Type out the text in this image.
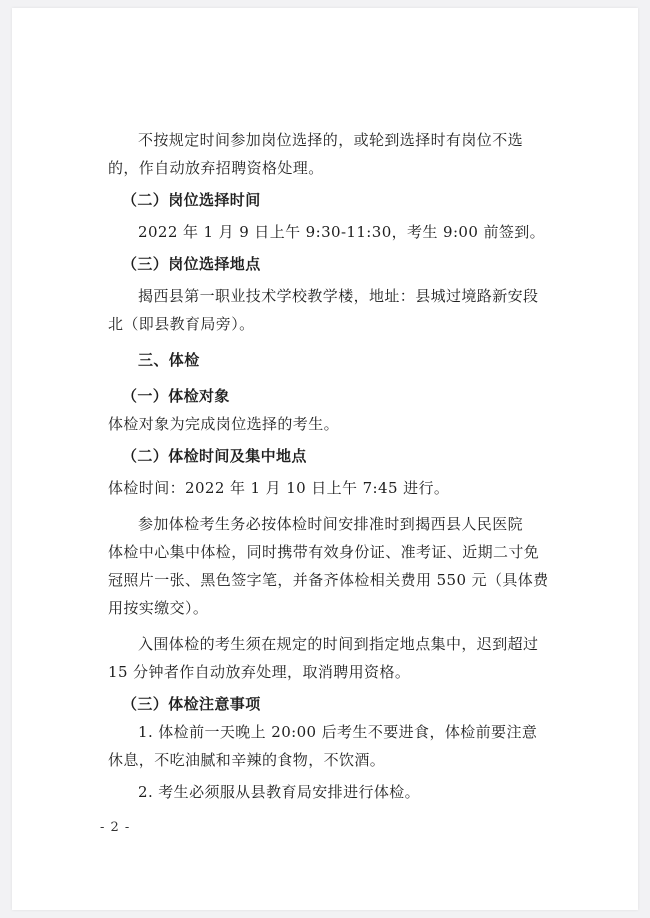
不按规定时间参加岗位选择的，或轮到选择时有岗位不选
的，作自动放弃招聘资格处理。
（二）岗位选择时间
2022 年 1 月 9 日上午 9:30-11:30，考生 9:00 前签到。
（三）岗位选择地点
揭西县第一职业技术学校教学楼，地址：县城过境路新安段
北（即县教育局旁）。
三、体检
（一）体检对象
体检对象为完成岗位选择的考生。
（二）体检时间及集中地点
体检时间：2022 年 1 月 10 日上午 7:45 进行。
参加体检考生务必按体检时间安排准时到揭西县人民医院
体检中心集中体检，同时携带有效身份证、准考证、近期二寸免
冠照片一张、黑色签字笔，并备齐体检相关费用 550 元（具体费
用按实缴交）。
入围体检的考生须在规定的时间到指定地点集中，迟到超过
15 分钟者作自动放弃处理，取消聘用资格。
（三）体检注意事项
1. 体检前一天晚上 20:00 后考生不要进食，体检前要注意
休息，不吃油腻和辛辣的食物，不饮酒。
2. 考生必须服从县教育局安排进行体检。
- 2 -
